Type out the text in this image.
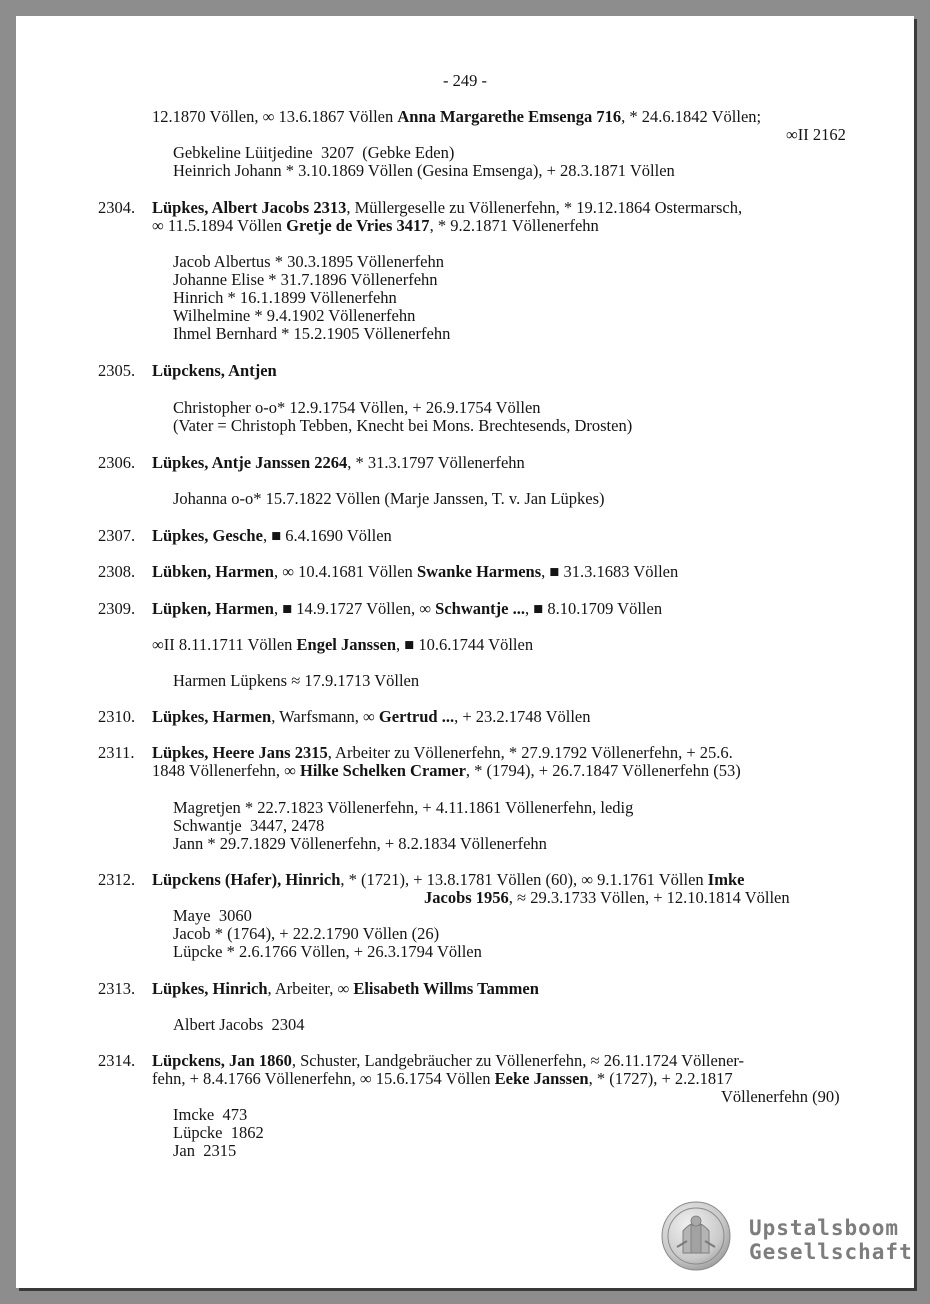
- 249 -
2304.
2305.
2306.
2307.
2308.
2309.
2310.
2311.
2312.
2313.
2314.
12.1870 Völlen, ∞ 13.6.1867 Völlen Anna Margarethe Emsenga 716, * 24.6.1842 Völlen;
∞II 2162
Gebkeline Lüitjedine  3207  (Gebke Eden)
Heinrich Johann * 3.10.1869 Völlen (Gesina Emsenga), + 28.3.1871 Völlen
Lüpkes, Albert Jacobs 2313, Müllergeselle zu Völlenerfehn, * 19.12.1864 Ostermarsch,
∞ 11.5.1894 Völlen Gretje de Vries 3417, * 9.2.1871 Völlenerfehn
Jacob Albertus * 30.3.1895 Völlenerfehn
Johanne Elise * 31.7.1896 Völlenerfehn
Hinrich * 16.1.1899 Völlenerfehn
Wilhelmine * 9.4.1902 Völlenerfehn
Ihmel Bernhard * 15.2.1905 Völlenerfehn
Lüpckens, Antjen
Christopher o-o* 12.9.1754 Völlen, + 26.9.1754 Völlen
(Vater = Christoph Tebben, Knecht bei Mons. Brechtesends, Drosten)
Lüpkes, Antje Janssen 2264, * 31.3.1797 Völlenerfehn
Johanna o-o* 15.7.1822 Völlen (Marje Janssen, T. v. Jan Lüpkes)
Lüpkes, Gesche, ■ 6.4.1690 Völlen
Lübken, Harmen, ∞ 10.4.1681 Völlen Swanke Harmens, ■ 31.3.1683 Völlen
Lüpken, Harmen, ■ 14.9.1727 Völlen, ∞ Schwantje ..., ■ 8.10.1709 Völlen
∞II 8.11.1711 Völlen Engel Janssen, ■ 10.6.1744 Völlen
Harmen Lüpkens ≈ 17.9.1713 Völlen
Lüpkes, Harmen, Warfsmann, ∞ Gertrud ..., + 23.2.1748 Völlen
Lüpkes, Heere Jans 2315, Arbeiter zu Völlenerfehn, * 27.9.1792 Völlenerfehn, + 25.6.
1848 Völlenerfehn, ∞ Hilke Schelken Cramer, * (1794), + 26.7.1847 Völlenerfehn (53)
Magretjen * 22.7.1823 Völlenerfehn, + 4.11.1861 Völlenerfehn, ledig
Schwantje  3447, 2478
Jann * 29.7.1829 Völlenerfehn, + 8.2.1834 Völlenerfehn
Lüpckens (Hafer), Hinrich, * (1721), + 13.8.1781 Völlen (60), ∞ 9.1.1761 Völlen Imke
Jacobs 1956, ≈ 29.3.1733 Völlen, + 12.10.1814 Völlen
Maye  3060
Jacob * (1764), + 22.2.1790 Völlen (26)
Lüpcke * 2.6.1766 Völlen, + 26.3.1794 Völlen
Lüpkes, Hinrich, Arbeiter, ∞ Elisabeth Willms Tammen
Albert Jacobs  2304
Lüpckens, Jan 1860, Schuster, Landgebräucher zu Völlenerfehn, ≈ 26.11.1724 Völlener-
fehn, + 8.4.1766 Völlenerfehn, ∞ 15.6.1754 Völlen Eeke Janssen, * (1727), + 2.2.1817
Völlenerfehn (90)
Imcke  473
Lüpcke  1862
Jan  2315
Upstalsboom
Gesellschaft
